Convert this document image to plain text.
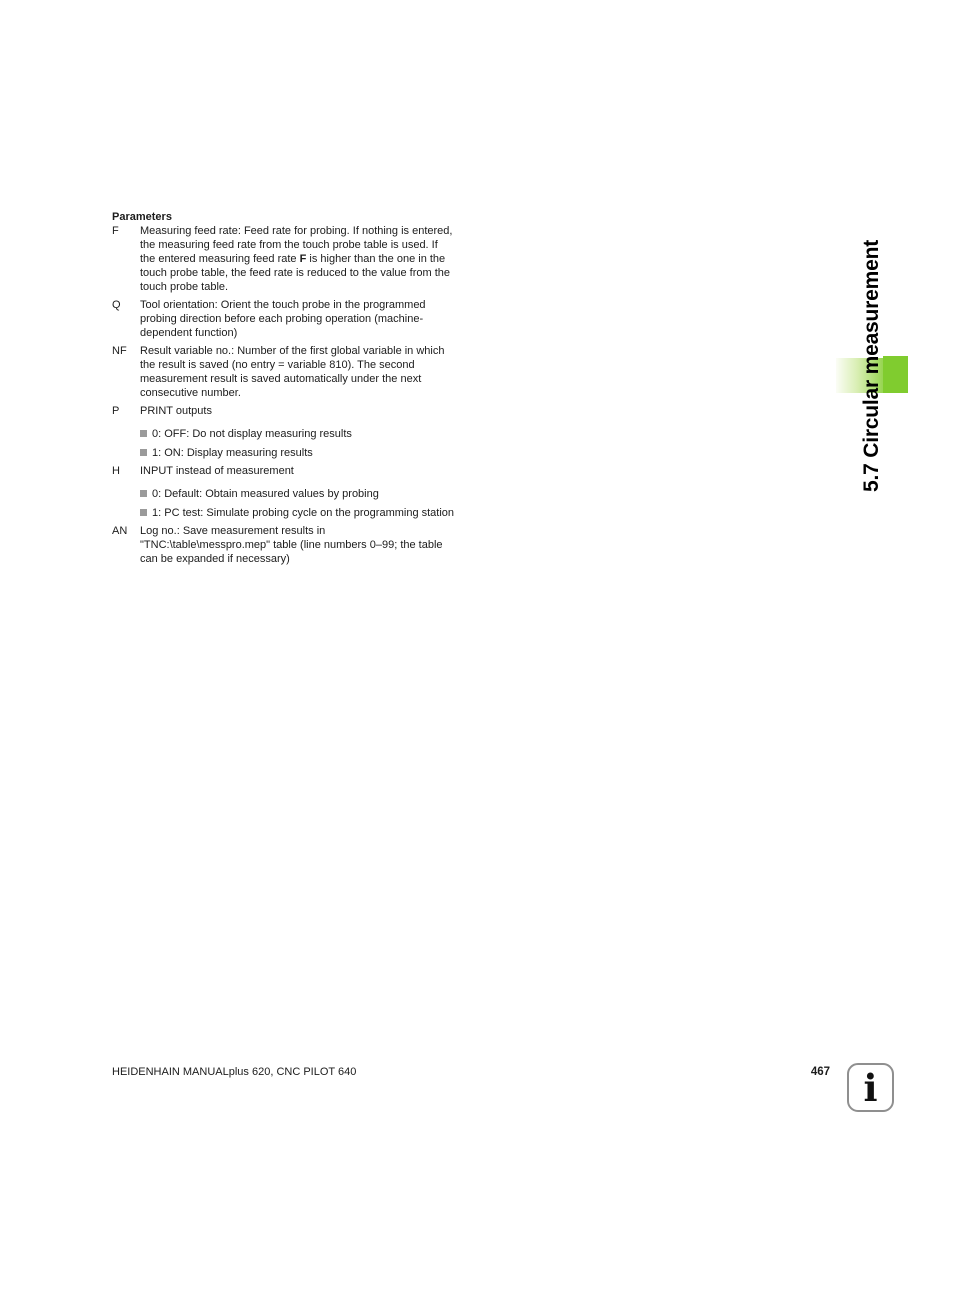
5.7 Circular measurement
Parameters
F	Measuring feed rate: Feed rate for probing. If nothing is entered,
the measuring feed rate from the touch probe table is used. If
the entered measuring feed rate F is higher than the one in the
touch probe table, the feed rate is reduced to the value from the
touch probe table.
Q	Tool orientation: Orient the touch probe in the programmed
probing direction before each probing operation (machine-
dependent function)
NF	Result variable no.: Number of the first global variable in which
the result is saved (no entry = variable 810). The second
measurement result is saved automatically under the next
consecutive number.
P	PRINT outputs
0: OFF: Do not display measuring results
1: ON: Display measuring results
H	INPUT instead of measurement
0: Default: Obtain measured values by probing
1: PC test: Simulate probing cycle on the programming station
AN	Log no.: Save measurement results in
"TNC:\table\messpro.mep" table (line numbers 0–99; the table
can be expanded if necessary)
HEIDENHAIN MANUALplus 620, CNC PILOT 640	467 i
